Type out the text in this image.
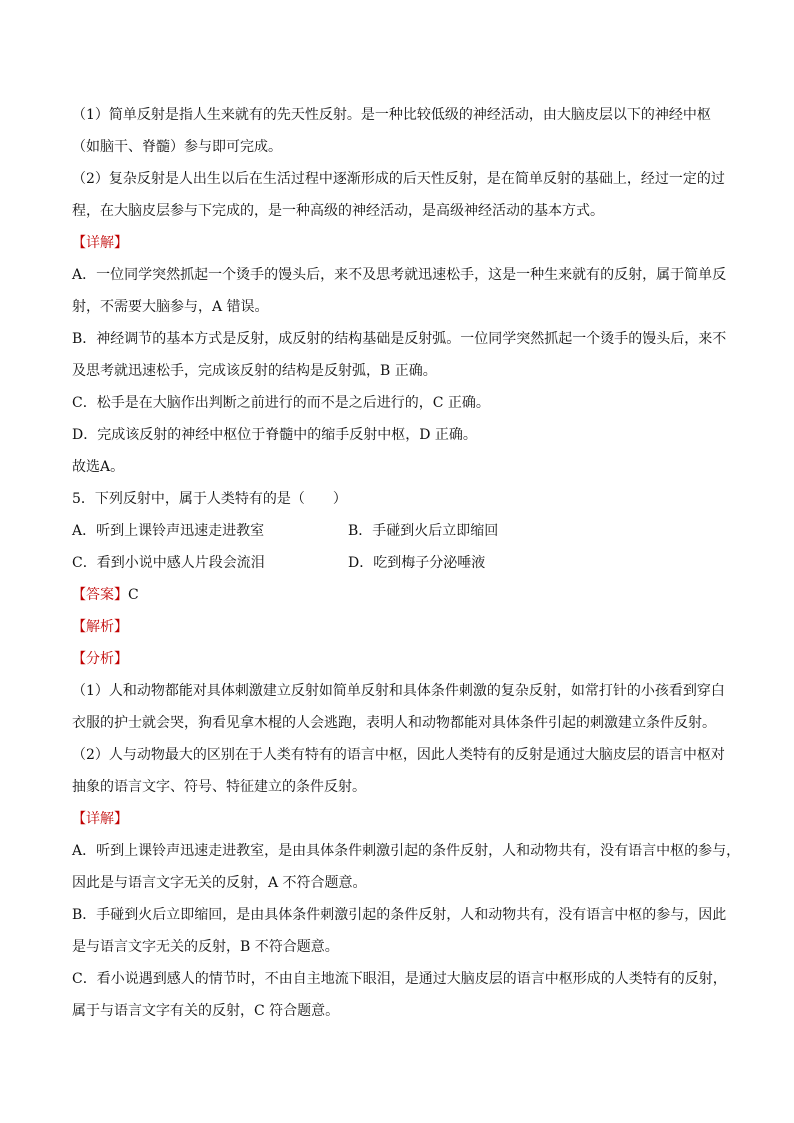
（1）简单反射是指人生来就有的先天性反射。是一种比较低级的神经活动，由大脑皮层以下的神经中枢
（如脑干、脊髓）参与即可完成。
（2）复杂反射是人出生以后在生活过程中逐渐形成的后天性反射，是在简单反射的基础上，经过一定的过
程，在大脑皮层参与下完成的，是一种高级的神经活动，是高级神经活动的基本方式。
【详解】
A．一位同学突然抓起一个烫手的馒头后，来不及思考就迅速松手，这是一种生来就有的反射，属于简单反
射，不需要大脑参与，A 错误。
B．神经调节的基本方式是反射，成反射的结构基础是反射弧。一位同学突然抓起一个烫手的馒头后，来不
及思考就迅速松手，完成该反射的结构是反射弧，B 正确。
C．松手是在大脑作出判断之前进行的而不是之后进行的，C 正确。
D．完成该反射的神经中枢位于脊髓中的缩手反射中枢，D 正确。
故选A。
5．下列反射中，属于人类特有的是（　　）
A．听到上课铃声迅速走进教室	B．手碰到火后立即缩回
C．看到小说中感人片段会流泪	D．吃到梅子分泌唾液
【答案】C
【解析】
【分析】
（1）人和动物都能对具体刺激建立反射如简单反射和具体条件刺激的复杂反射，如常打针的小孩看到穿白
衣服的护士就会哭，狗看见拿木棍的人会逃跑，表明人和动物都能对具体条件引起的刺激建立条件反射。
（2）人与动物最大的区别在于人类有特有的语言中枢，因此人类特有的反射是通过大脑皮层的语言中枢对
抽象的语言文字、符号、特征建立的条件反射。
【详解】
A．听到上课铃声迅速走进教室，是由具体条件刺激引起的条件反射，人和动物共有，没有语言中枢的参与，
因此是与语言文字无关的反射，A 不符合题意。
B．手碰到火后立即缩回，是由具体条件刺激引起的条件反射，人和动物共有，没有语言中枢的参与，因此
是与语言文字无关的反射，B 不符合题意。
C．看小说遇到感人的情节时，不由自主地流下眼泪，是通过大脑皮层的语言中枢形成的人类特有的反射，
属于与语言文字有关的反射，C 符合题意。
